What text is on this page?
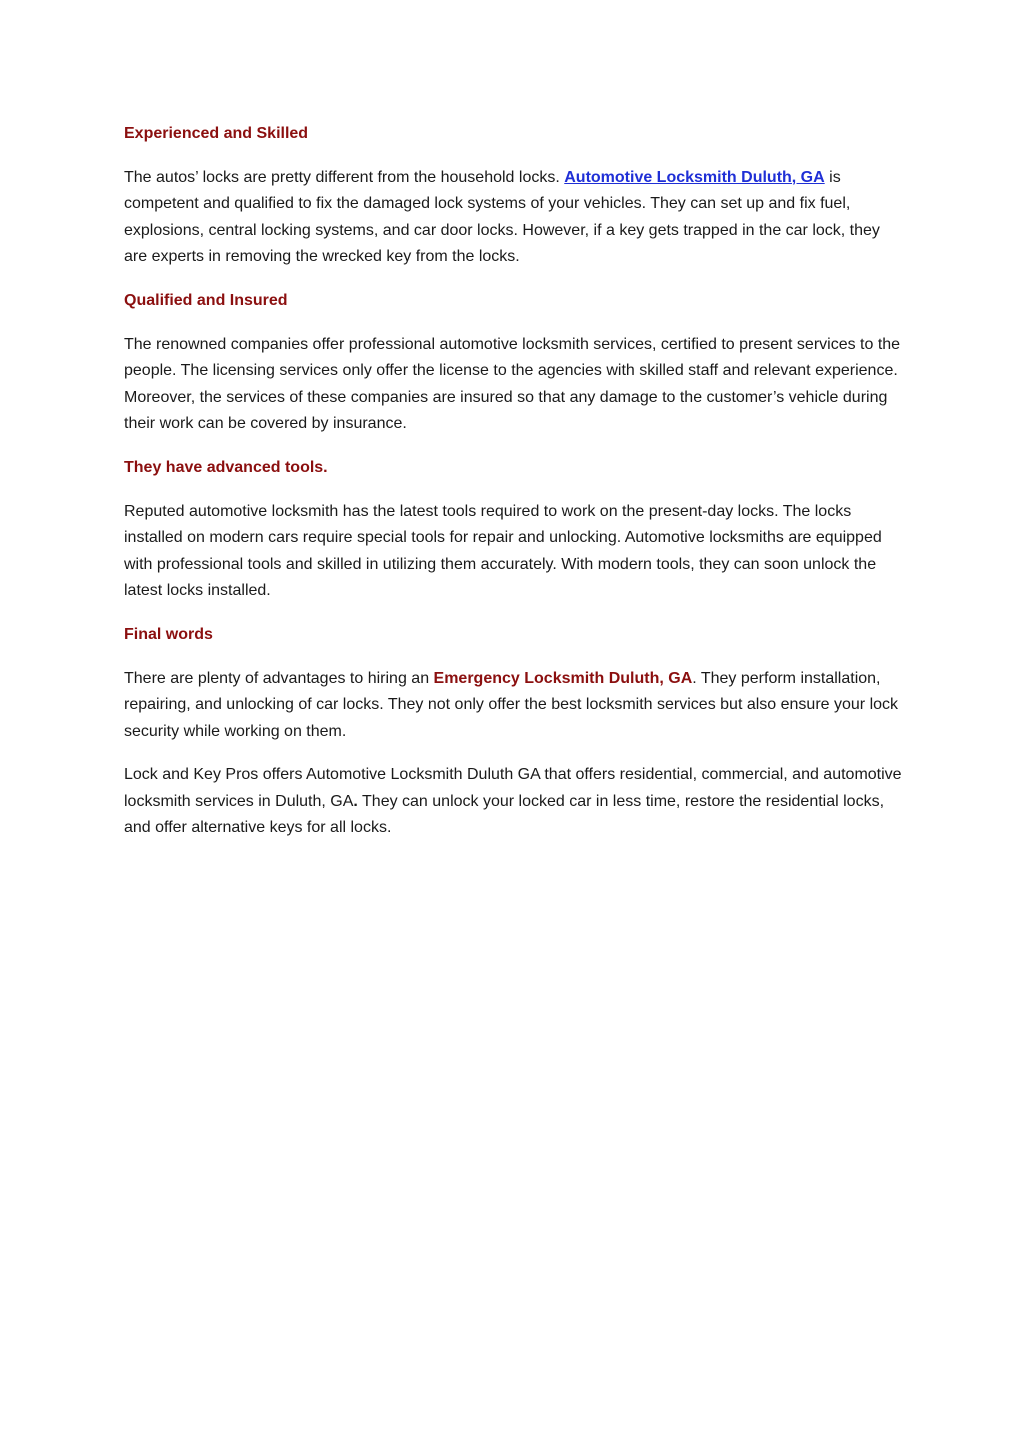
Experienced and Skilled

The autos’ locks are pretty different from the household locks. Automotive Locksmith Duluth, GA is competent and qualified to fix the damaged lock systems of your vehicles. They can set up and fix fuel, explosions, central locking systems, and car door locks. However, if a key gets trapped in the car lock, they are experts in removing the wrecked key from the locks.

Qualified and Insured

The renowned companies offer professional automotive locksmith services, certified to present services to the people. The licensing services only offer the license to the agencies with skilled staff and relevant experience. Moreover, the services of these companies are insured so that any damage to the customer’s vehicle during their work can be covered by insurance.

They have advanced tools.

Reputed automotive locksmith has the latest tools required to work on the present-day locks. The locks installed on modern cars require special tools for repair and unlocking. Automotive locksmiths are equipped with professional tools and skilled in utilizing them accurately. With modern tools, they can soon unlock the latest locks installed.

Final words

There are plenty of advantages to hiring an Emergency Locksmith Duluth, GA. They perform installation, repairing, and unlocking of car locks. They not only offer the best locksmith services but also ensure your lock security while working on them.

Lock and Key Pros offers Automotive Locksmith Duluth GA that offers residential, commercial, and automotive locksmith services in Duluth, GA. They can unlock your locked car in less time, restore the residential locks, and offer alternative keys for all locks.
